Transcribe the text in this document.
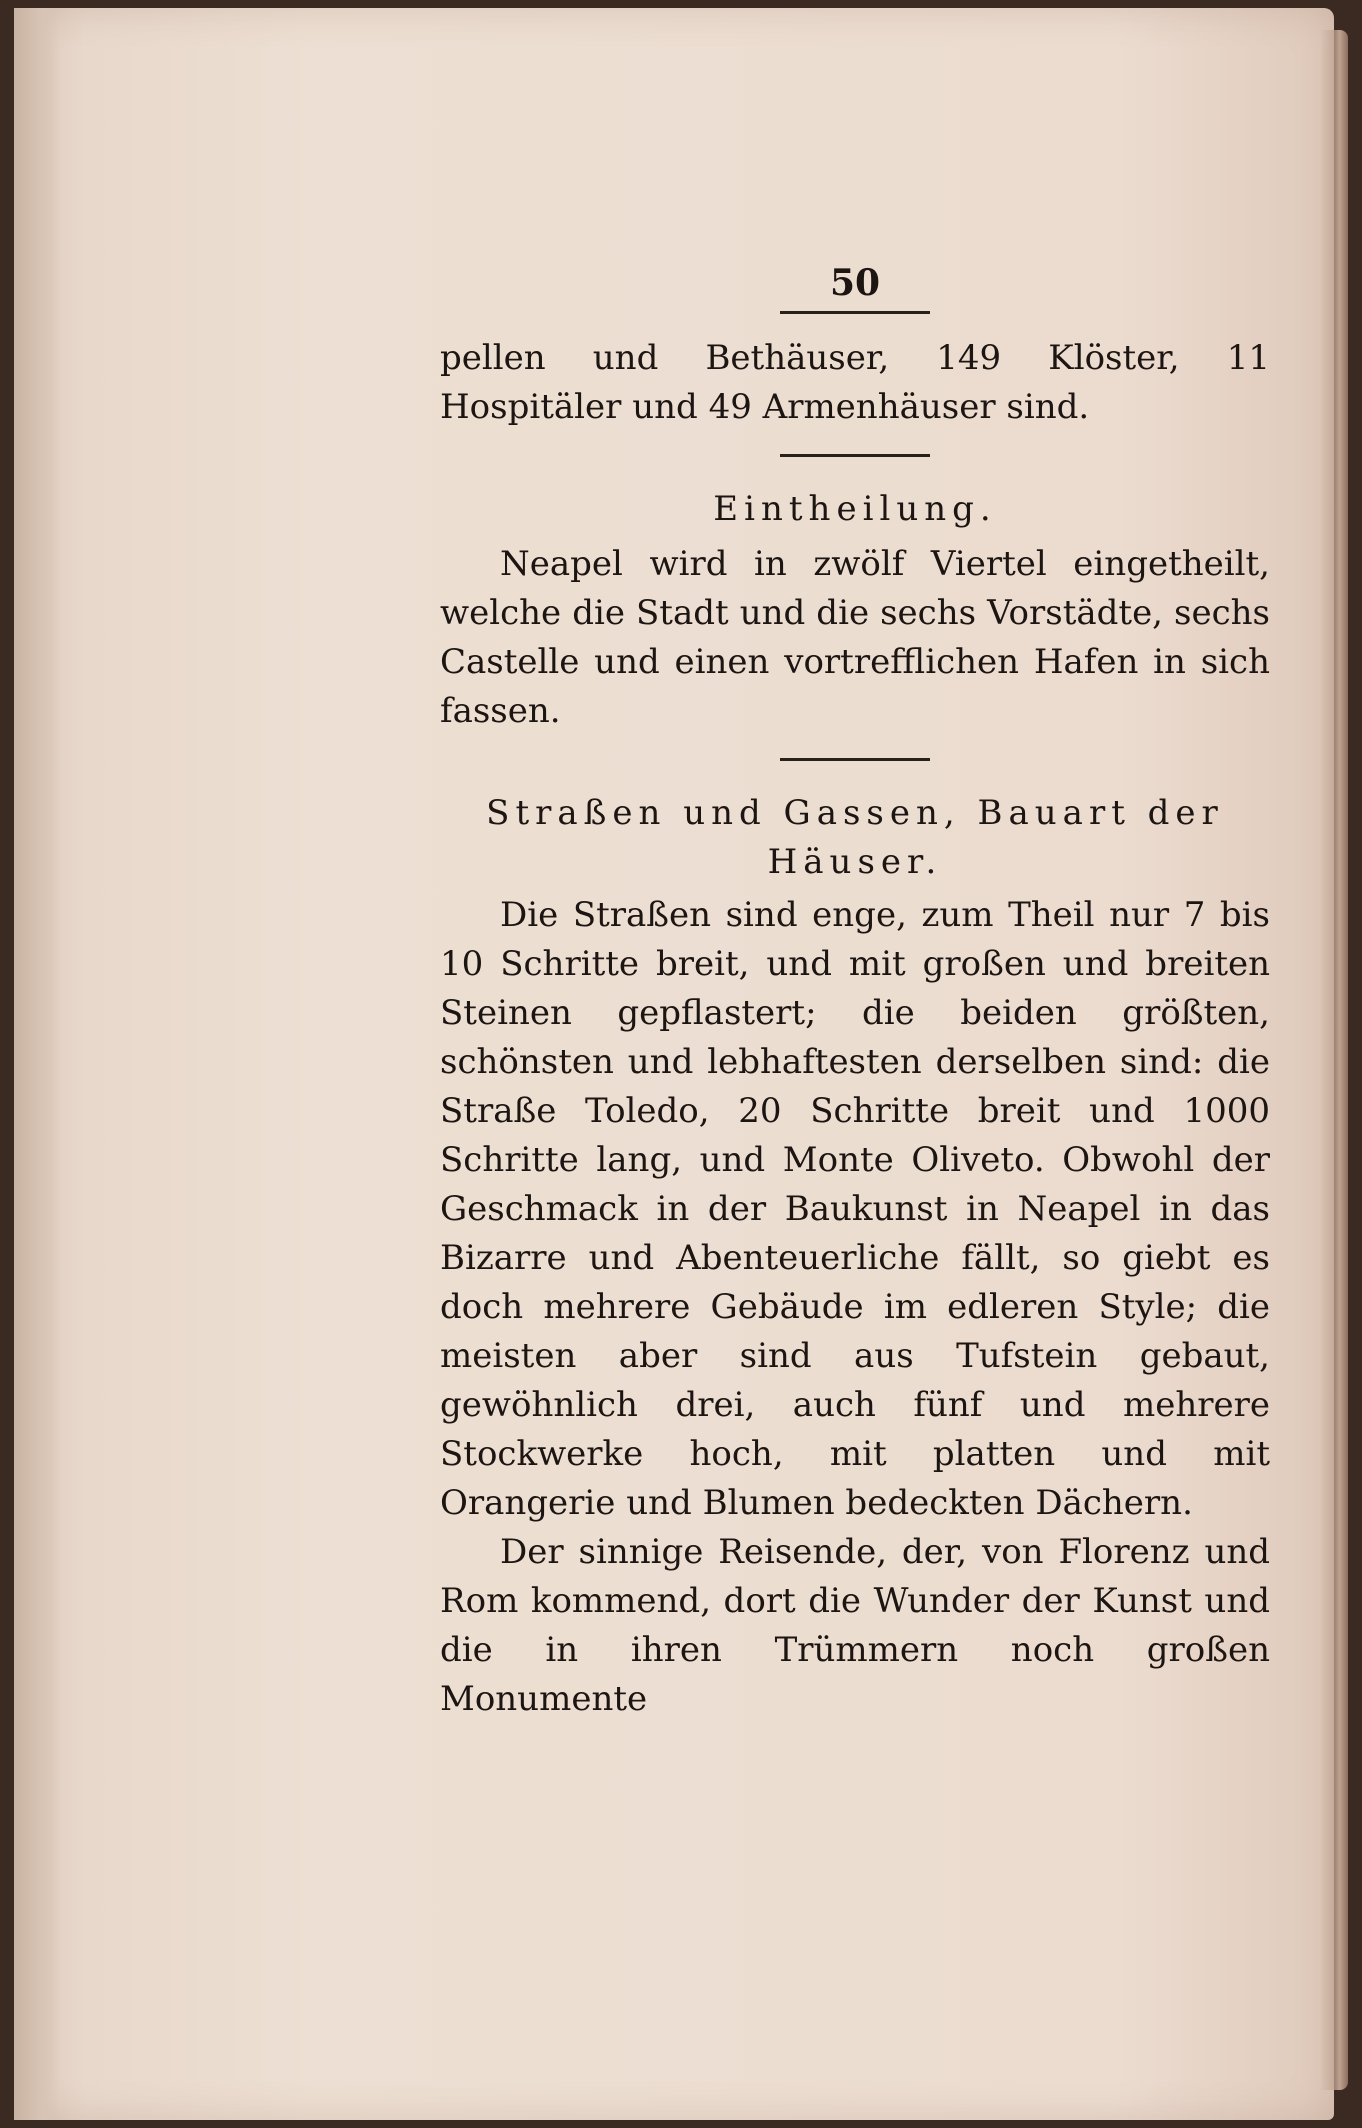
50

pellen und Bethäuser, 149 Klöster, 11 Hospitäler und 49 Armenhäuser sind.

Eintheilung.

Neapel wird in zwölf Viertel eingetheilt, welche die Stadt und die sechs Vorstädte, sechs Castelle und einen vortrefflichen Hafen in sich fassen.

Straßen und Gassen, Bauart der
Häuser.

Die Straßen sind enge, zum Theil nur 7 bis 10 Schritte breit, und mit großen und breiten Steinen gepflastert; die beiden größten, schönsten und lebhaftesten derselben sind: die Straße Toledo, 20 Schritte breit und 1000 Schritte lang, und Monte Oliveto. Obwohl der Geschmack in der Baukunst in Neapel in das Bizarre und Abenteuerliche fällt, so giebt es doch mehrere Gebäude im edleren Style; die meisten aber sind aus Tufstein gebaut, gewöhnlich drei, auch fünf und mehrere Stockwerke hoch, mit platten und mit Orangerie und Blumen bedeckten Dächern.

Der sinnige Reisende, der, von Florenz und Rom kommend, dort die Wunder der Kunst und die in ihren Trümmern noch großen Monumente
